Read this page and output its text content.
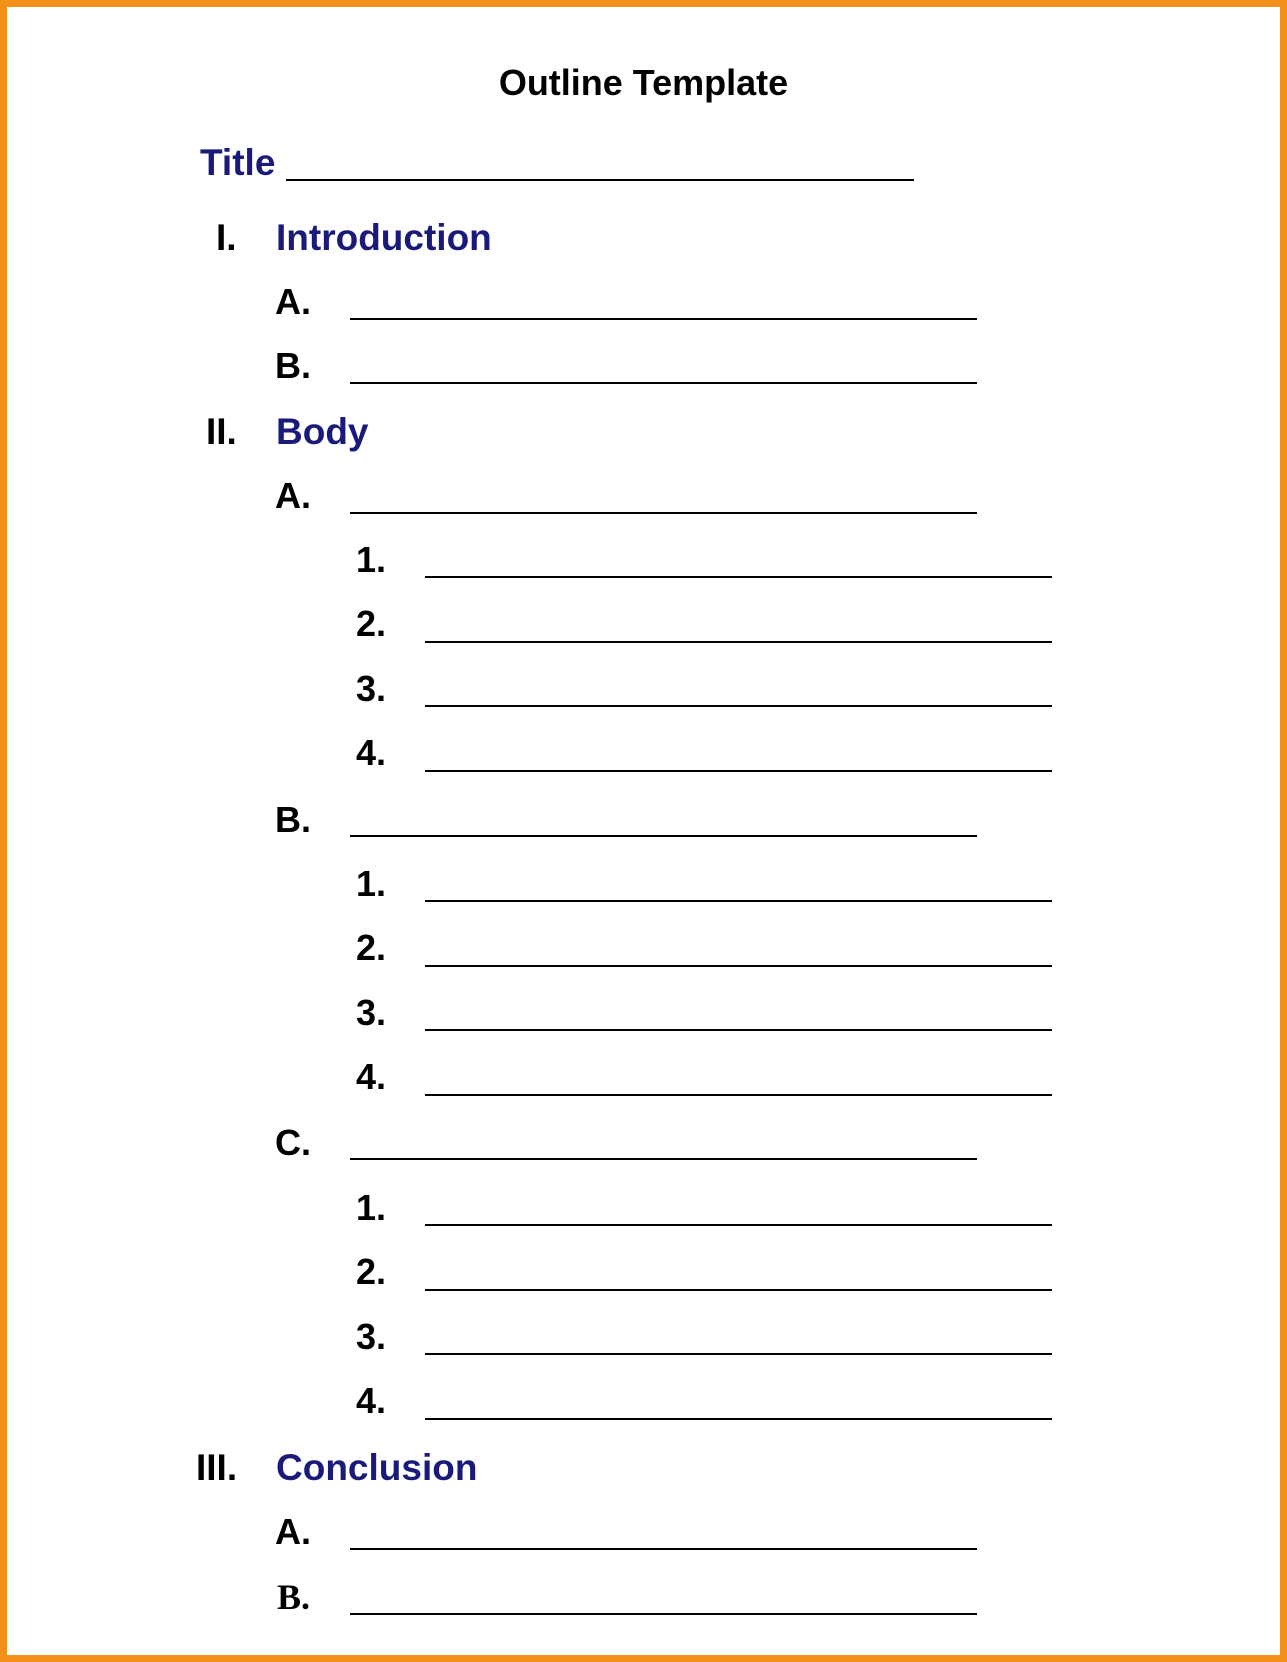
Outline Template
Title
I. Introduction
A.
B.
II. Body
A.
1.
2.
3.
4.
B.
1.
2.
3.
4.
C.
1.
2.
3.
4.
III. Conclusion
A.
B.
